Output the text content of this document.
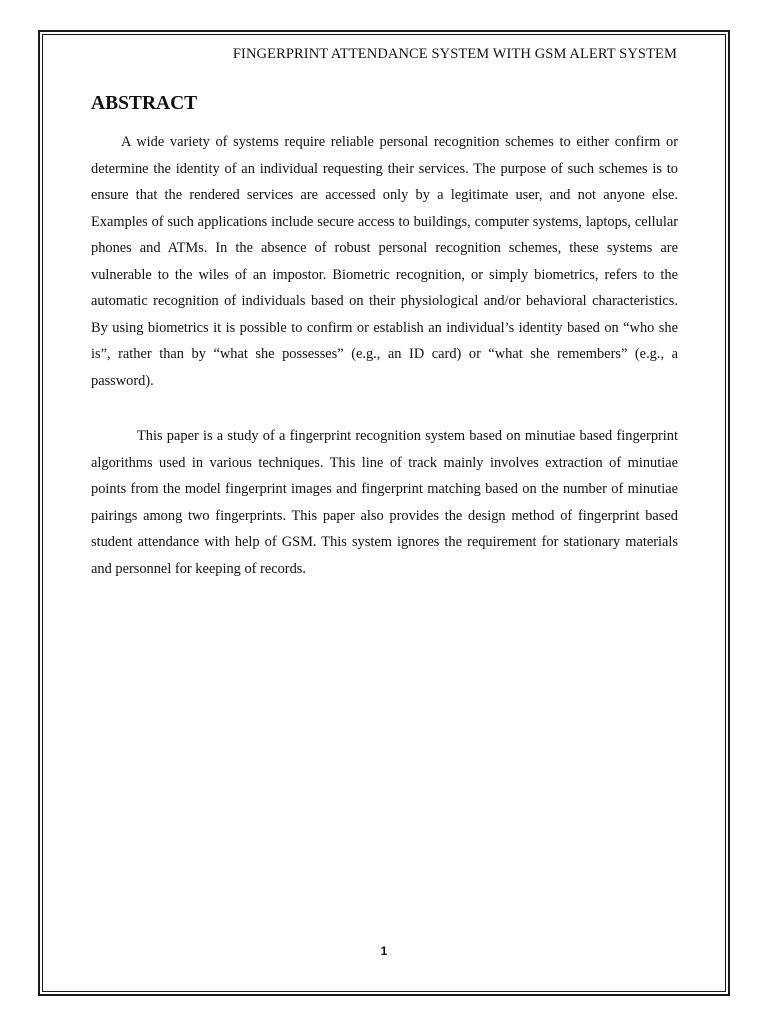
FINGERPRINT ATTENDANCE SYSTEM WITH GSM ALERT SYSTEM
ABSTRACT

A wide variety of systems require reliable personal recognition schemes to either confirm or determine the identity of an individual requesting their services. The purpose of such schemes is to ensure that the rendered services are accessed only by a legitimate user, and not anyone else. Examples of such applications include secure access to buildings, computer systems, laptops, cellular phones and ATMs. In the absence of robust personal recognition schemes, these systems are vulnerable to the wiles of an impostor. Biometric recognition, or simply biometrics, refers to the automatic recognition of individuals based on their physiological and/or behavioral characteristics. By using biometrics it is possible to confirm or establish an individual’s identity based on “who she is”, rather than by “what she possesses” (e.g., an ID card) or “what she remembers” (e.g., a password).

This paper is a study of a fingerprint recognition system based on minutiae based fingerprint algorithms used in various techniques. This line of track mainly involves extraction of minutiae points from the model fingerprint images and fingerprint matching based on the number of minutiae pairings among two fingerprints. This paper also provides the design method of fingerprint based student attendance with help of GSM. This system ignores the requirement for stationary materials and personnel for keeping of records.

1
